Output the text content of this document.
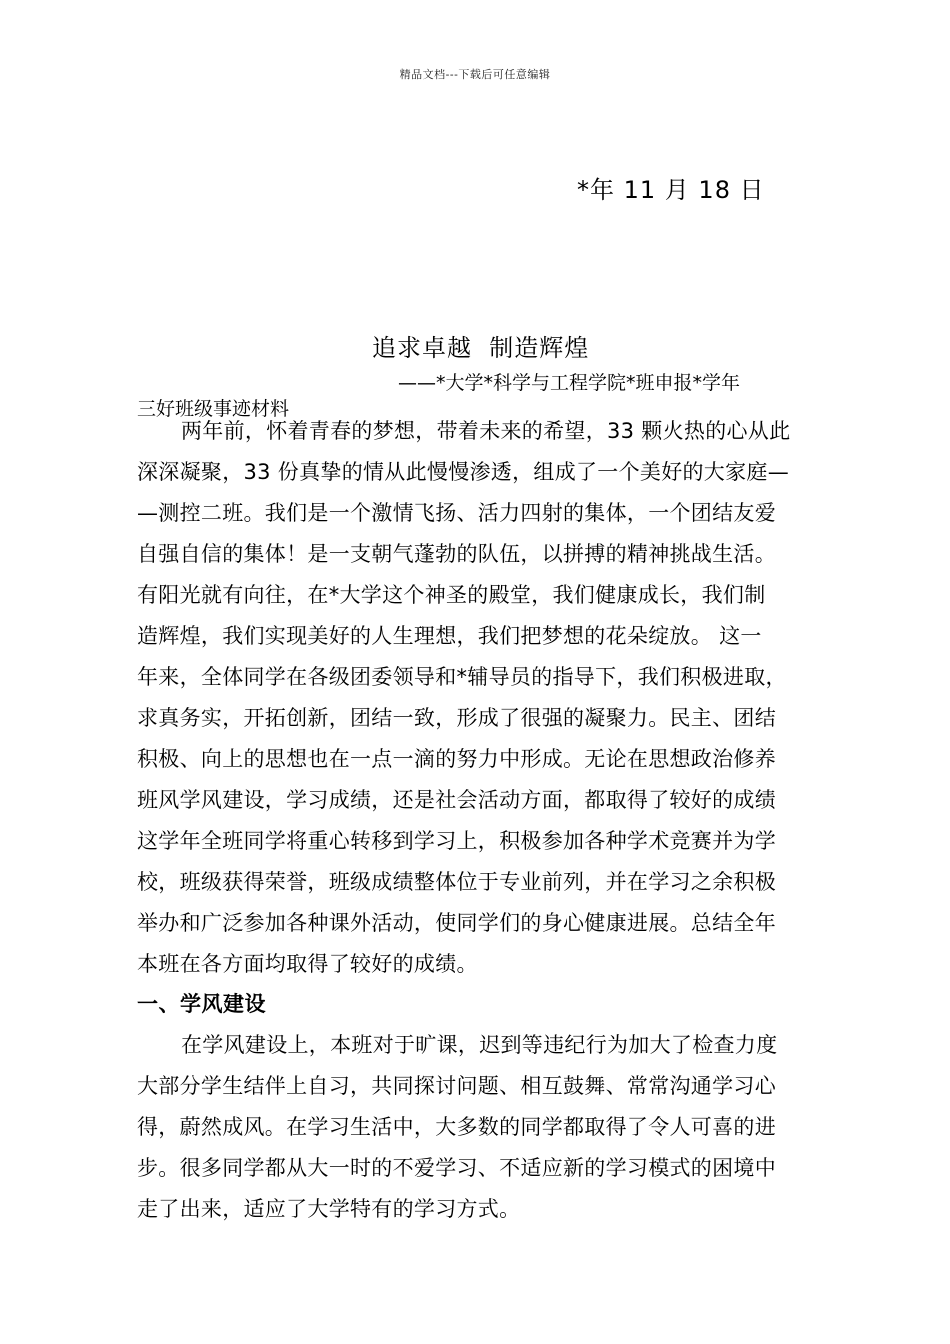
精品文档---下载后可任意编辑
*年 11 月 18 日
追求卓越  制造辉煌
——*大学*科学与工程学院*班申报*学年
三好班级事迹材料
两年前，怀着青春的梦想，带着未来的希望，33 颗火热的心从此
深深凝聚，33 份真挚的情从此慢慢渗透，组成了一个美好的大家庭—
—测控二班。我们是一个激情飞扬、活力四射的集体，一个团结友爱
自强自信的集体！是一支朝气蓬勃的队伍，以拼搏的精神挑战生活。
有阳光就有向往，在*大学这个神圣的殿堂，我们健康成长，我们制
造辉煌，我们实现美好的人生理想，我们把梦想的花朵绽放。 这一
年来，全体同学在各级团委领导和*辅导员的指导下，我们积极进取，
求真务实，开拓创新，团结一致，形成了很强的凝聚力。民主、团结
积极、向上的思想也在一点一滴的努力中形成。无论在思想政治修养
班风学风建设，学习成绩，还是社会活动方面，都取得了较好的成绩
这学年全班同学将重心转移到学习上，积极参加各种学术竞赛并为学
校，班级获得荣誉，班级成绩整体位于专业前列，并在学习之余积极
举办和广泛参加各种课外活动，使同学们的身心健康进展。总结全年
本班在各方面均取得了较好的成绩。
一、学风建设
在学风建设上，本班对于旷课，迟到等违纪行为加大了检查力度
大部分学生结伴上自习，共同探讨问题、相互鼓舞、常常沟通学习心
得，蔚然成风。在学习生活中，大多数的同学都取得了令人可喜的进
步。很多同学都从大一时的不爱学习、不适应新的学习模式的困境中
走了出来，适应了大学特有的学习方式。
